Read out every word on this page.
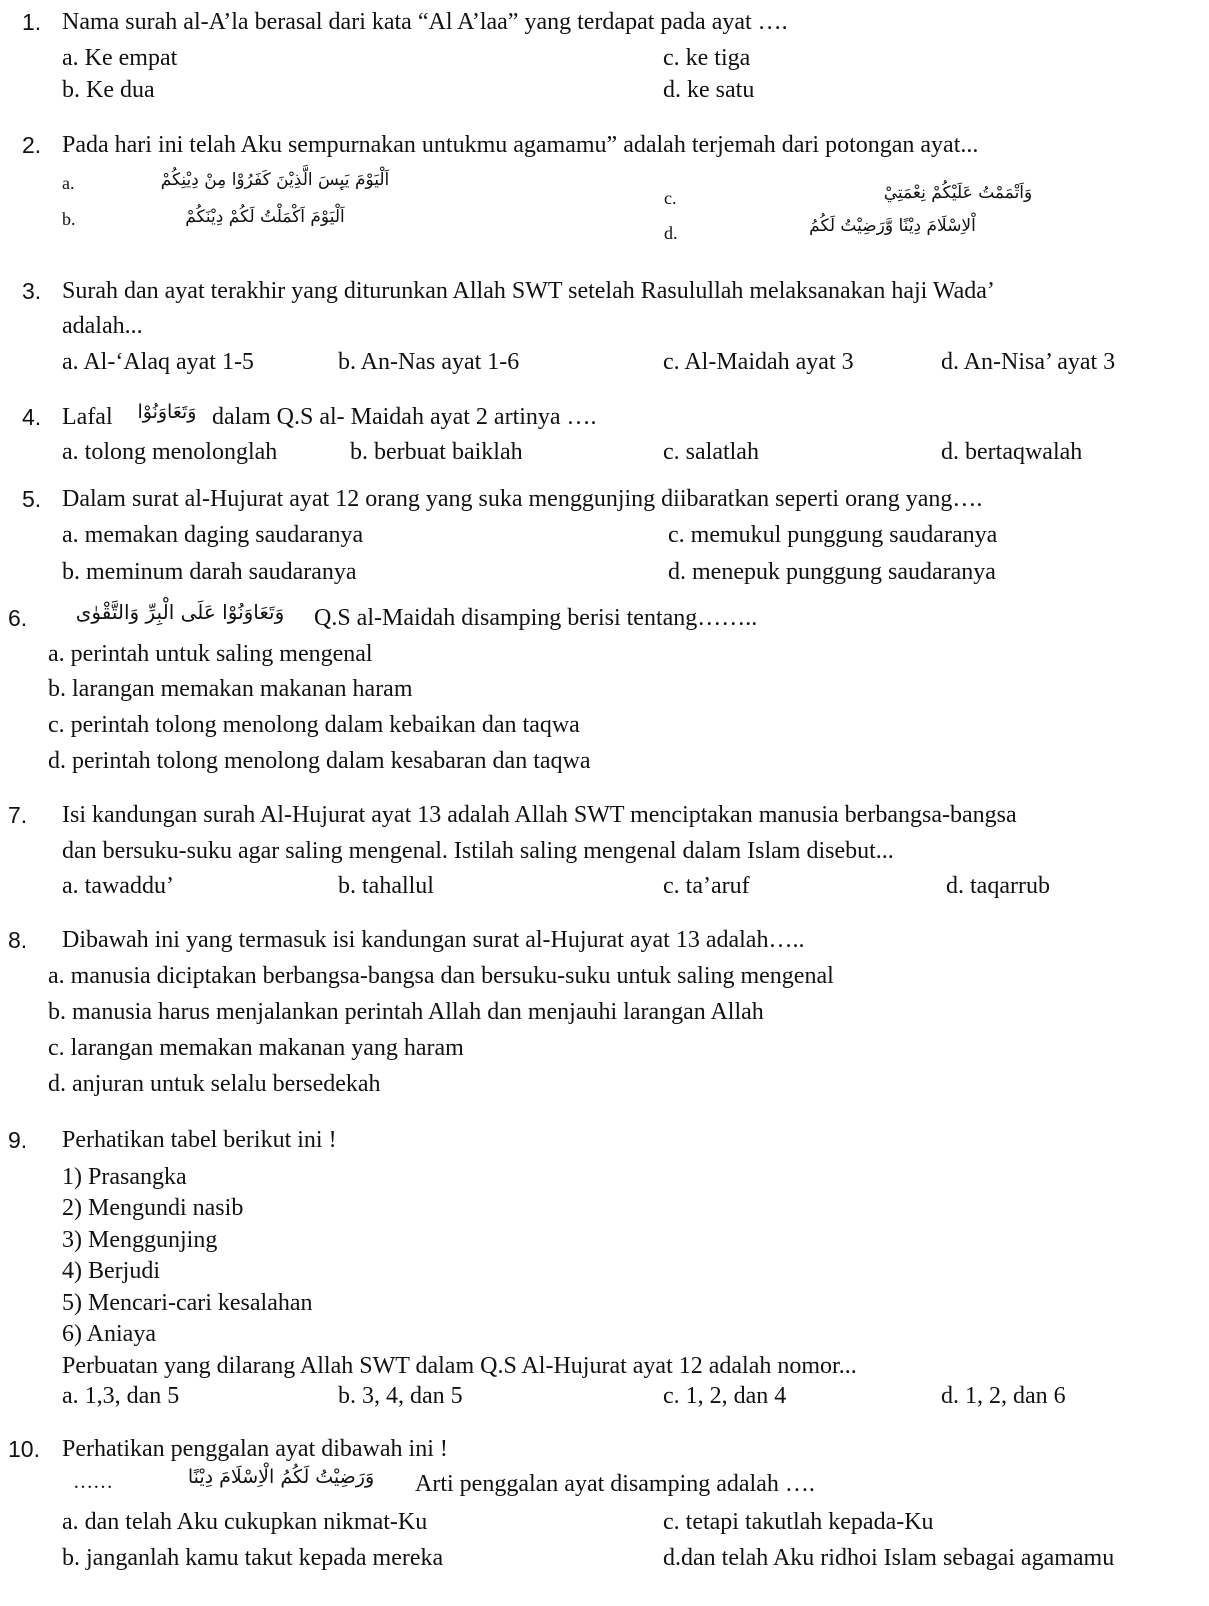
1. Nama surah al-A’la berasal dari kata “Al A’laa” yang terdapat pada ayat ….
a. Ke empat	c. ke tiga
b. Ke dua	d. ke satu
2. Pada hari ini telah Aku sempurnakan untukmu agamamu” adalah terjemah dari potongan ayat...
a.	اَلْيَوْمَ يَىِٕسَ الَّذِيْنَ كَفَرُوْا مِنْ دِيْنِكُمْ
c.	وَاَتْمَمْتُ عَلَيْكُمْ نِعْمَتِيْ
b.	اَلْيَوْمَ اَكْمَلْتُ لَكُمْ دِيْنَكُمْ
d.	اْلاِسْلَامَ دِيْنًا وَّرَضِيْتُ لَكُمُ
3. Surah dan ayat terakhir yang diturunkan Allah SWT setelah Rasulullah melaksanakan haji Wada’
adalah...
a. Al-‘Alaq ayat 1-5	b. An-Nas ayat 1-6	c. Al-Maidah ayat 3	d. An-Nisa’ ayat 3
4. Lafal	وَتَعَاوَنُوْا dalam Q.S al- Maidah ayat 2 artinya ….
a. tolong menolonglah	b. berbuat baiklah	c. salatlah	d. bertaqwalah
5. Dalam surat al-Hujurat ayat 12 orang yang suka menggunjing diibaratkan seperti orang yang….
a. memakan daging saudaranya	c. memukul punggung saudaranya
b. meminum darah saudaranya	d. menepuk punggung saudaranya
6.	وَتَعَاوَنُوْا عَلَى الْبِرِّ وَالتَّقْوٰى	Q.S al-Maidah disamping berisi tentang……..
a. perintah untuk saling mengenal
b. larangan memakan makanan haram
c. perintah tolong menolong dalam kebaikan dan taqwa
d. perintah tolong menolong dalam kesabaran dan taqwa
7. Isi kandungan surah Al-Hujurat ayat 13 adalah Allah SWT menciptakan manusia berbangsa-bangsa
dan bersuku-suku agar saling mengenal. Istilah saling mengenal dalam Islam disebut...
a. tawaddu’	b. tahallul	c. ta’aruf	d. taqarrub
8. Dibawah ini yang termasuk isi kandungan surat al-Hujurat ayat 13 adalah…..
a. manusia diciptakan berbangsa-bangsa dan bersuku-suku untuk saling mengenal
b. manusia harus menjalankan perintah Allah dan menjauhi larangan Allah
c. larangan memakan makanan yang haram
d. anjuran untuk selalu bersedekah
9. Perhatikan tabel berikut ini !
1) Prasangka
2) Mengundi nasib
3) Menggunjing
4) Berjudi
5) Mencari-cari kesalahan
6) Aniaya
Perbuatan yang dilarang Allah SWT dalam Q.S Al-Hujurat ayat 12 adalah nomor...
a. 1,3, dan 5	b. 3, 4, dan 5	c. 1, 2, dan 4	d. 1, 2, dan 6
10. Perhatikan penggalan ayat dibawah ini !
……	وَرَضِيْتُ لَكُمُ الْاِسْلَامَ دِيْنًا	Arti penggalan ayat disamping adalah ….
a. dan telah Aku cukupkan nikmat-Ku	c. tetapi takutlah kepada-Ku
b. janganlah kamu takut kepada mereka	d.dan telah Aku ridhoi Islam sebagai agamamu
